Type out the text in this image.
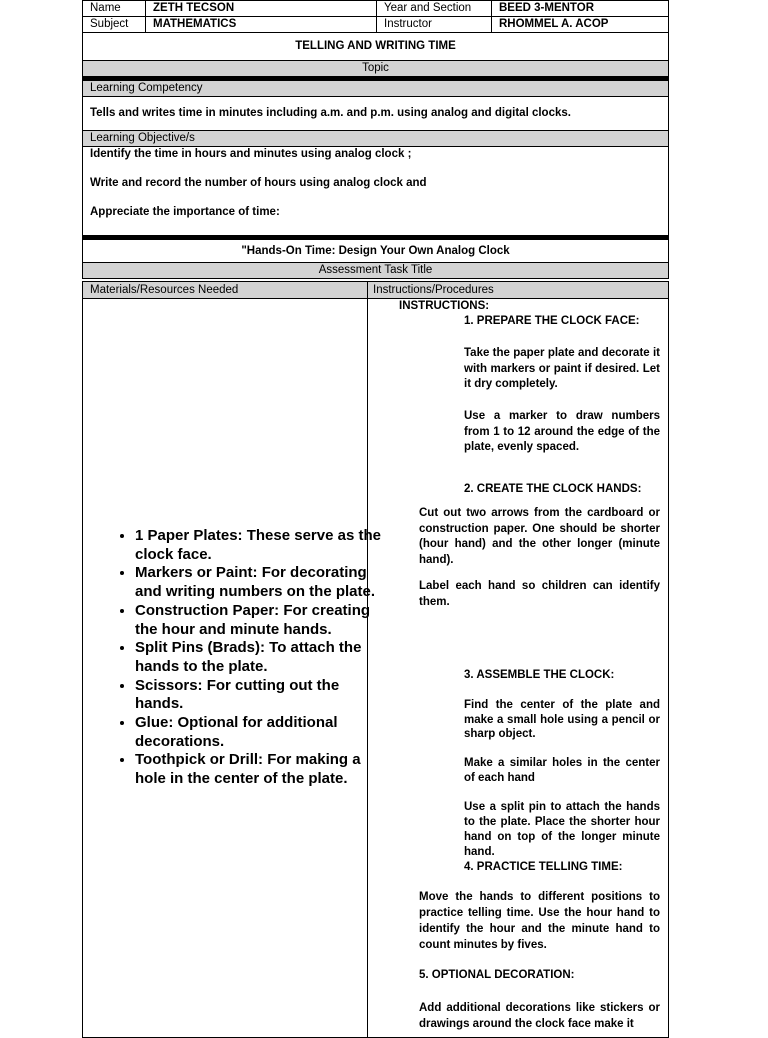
Name	ZETH TECSON	Year and Section	BEED 3-MENTOR
Subject	MATHEMATICS	Instructor	RHOMMEL A. ACOP
TELLING AND WRITING TIME
Topic
Learning Competency
Tells and writes time in minutes including a.m. and p.m. using analog and digital clocks.
Learning Objective/s
Identify the time in hours and minutes using analog clock ;
Write and record the number of hours using analog clock and
Appreciate the importance of time:
"Hands-On Time: Design Your Own Analog Clock
Assessment Task Title
Materials/Resources Needed	Instructions/Procedures
• 1 Paper Plates: These serve as the clock face.
• Markers or Paint: For decorating and writing numbers on the plate.
• Construction Paper: For creating the hour and minute hands.
• Split Pins (Brads): To attach the hands to the plate.
• Scissors: For cutting out the hands.
• Glue: Optional for additional decorations.
• Toothpick or Drill: For making a hole in the center of the plate.
INSTRUCTIONS:
1. PREPARE THE CLOCK FACE:
Take the paper plate and decorate it with markers or paint if desired. Let it dry completely.
Use a marker to draw numbers from 1 to 12 around the edge of the plate, evenly spaced.
2. CREATE THE CLOCK HANDS:
Cut out two arrows from the cardboard or construction paper. One should be shorter (hour hand) and the other longer (minute hand).
Label each hand so children can identify them.
3. ASSEMBLE THE CLOCK:
Find the center of the plate and make a small hole using a pencil or sharp object.
Make a similar holes in the center of each hand
Use a split pin to attach the hands to the plate. Place the shorter hour hand on top of the longer minute hand.
4. PRACTICE TELLING TIME:
Move the hands to different positions to practice telling time. Use the hour hand to identify the hour and the minute hand to count minutes by fives.
5. OPTIONAL DECORATION:
Add additional decorations like stickers or drawings around the clock face make it
